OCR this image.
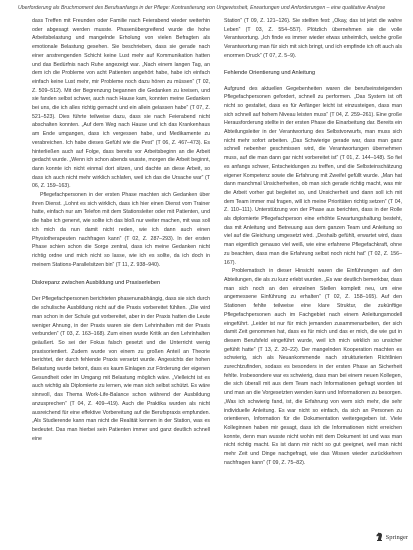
Überforderung als Bruchmoment des Berufsanfangs in der Pflege: Kontrastierung von Ungewissheit, Erwartungen und Anforderungen – eine qualitative Analyse

dass Treffen mit Freunden oder Familie nach Feierabend wieder weiterhin oder abgesagt werden musste. Phasenübergreifend wurde die hohe Arbeitsbelastung und mangelnde Erholung von vielen Befragten als emotionale Belastung gesehen. Sie beschrieben, dass sie gerade nach einer anstrengenden Schicht keine Lust mehr auf Kommunikation hatten und das Bedürfnis nach Ruhe angezeigt war. „Nach einem langen Tag, an dem ich die Probleme von acht Patienten angehört habe, habe ich einfach einfach keine Lust mehr, mir Probleme noch dazu hören zu müssen“ (T 02, Z. 509–512). Mit der Begrenzung begannen die Gedanken zu kreisen, und sie fanden selbst schwer, auch nach Hause kam, konnten meine Gedanken bei uns, die ich alles richtig gemacht und ein allein gelassen habe“ (T 07, Z. 521–523). Dies führte teilweise dazu, dass sie nach Feierabend nicht abschalten konnten. „Auf dem Weg nach Hause und ich das Krankenhaus am Ende umgangen, dass ich vergessen habe, und Medikamente zu verabreichen. Ich habe dieses Gefühl wie die Pest“ (T 06, Z. 467–473). Es hinterließen auch auf Folge, dass bereits vor Arbeitsbeginn an die Arbeit gedacht wurde. „Wenn ich schon abends wusste, morgen die Arbeit beginnt, dann konnte ich nicht einmal dort sitzen, und dachte an diese Arbeit, so dass ich auch nicht mehr wirklich schlafen, weil ich das die Ursache war“ (T 06, Z. 159–163).

Pflegefachpersonen in der ersten Phase machten sich Gedanken über ihren Dienst. „Lohnt es sich wirklich, dass ich hier einen Dienst vom Trainer hatte, einfach nur am Telefon mit dem Stationsleiter oder mit Patienten, und die habe ich genervt, wie sollte ich das bloß nur weiter machen, mit was soll ich mich da nun damit nicht reden, wie ich dann auch einen Physiotherapeuten nachfragen kann“ (T 02, Z. 287–293). In der ersten Phase schien schon die Sorge zentral, dass ich meine Gedanken nicht richtig ordne und mich nicht so lasse, wie ich es sollte, da ich doch in meinem Stations-Parallelsitzen bin“ (T 11, Z. 938–940).

Diskrepanz zwischen Ausbildung und Praxiserleben

Der Pflegefachpersonen berichteten phasenunabhängig, dass sie sich durch die schulische Ausbildung nicht auf die Praxis vorbereitet fühlten. „Die wird man schon in der Schule gut vorbereitet, aber in der Praxis hatten die Leute weniger Ahnung, in der Praxis waren sie dem Lehrinhalten mit der Praxis verbunden“ (T 03, Z. 163–168). Zum einen wurde Kritik an den Lehrinhalten geäußert. So sei der Fokus falsch gesetzt und die Unterricht wenig praxisorientiert. Zudem wurde von einem zu großen Anteil an Theorie berichtet, der durch fehlende Praxis versetzt wurde. Angesichts der hohen Belastung wurde betont, dass es kaum Einlagen zur Förderung der eigenen Gesundheit oder im Umgang mit Belastung möglich wäre. „Vielleicht ist es auch wichtig als Diplomierte zu lernen, wie man sich selbst schützt. Es wäre sinnvoll, das Thema Work-Life-Balance schon während der Ausbildung anzusprechen“ (T 04, Z. 409–419). Auch die Praktika wurden als nicht ausreichend für eine effektive Vorbereitung auf die Berufspraxis empfunden. „Als Studierende kann man nicht die Realität kennen in der Station, was es bedeutet. Das man hierbei sein Patienten immer und ganz deutlich schnell eine

Station“ (T 09, Z. 121–126). Sie stellten fest: „Okay, das ist jetzt die wahre Leben“ (T 03, Z. 554–557). Plötzlich übernehmen sie die volle Verantwortung. „Ich finde es immer wieder etwas unheimlich, welche große Verantwortung man für sich mit sich bringt, und ich empfinde ich oft auch als enormen Druck“ (T 07, Z. 5–9).

Fehlende Orientierung und Anleitung

Aufgrund des aktuellen Gegebenheiten waren die berufseinsteigenden Pflegefachpersonen gefordert, schnell zu performen. „Das System ist oft nicht so gestaltet, dass es für Anfänger leicht ist einzusteigen, dass man sich schnell auf hohem Niveau leisten muss“ (T 04, Z. 259–261). Eine große Herausforderung stellte in der ersten Phase die Einarbeitung dar. Bereits ein Abteilungsleiter in der Verantwortung des Selbstvorwurfs, man muss sich nicht mehr sofort arbeiten. „Das Schwierige gerade war, dass man ganz schnell nebenher geschmissen wird, die Verantwortungen übernehmen muss, auf die man dann gar nicht vorbereitet ist“ (T 01, Z. 144–148). So fiel es anfangs schwer, Entscheidungen zu treffen, und die Selbsteinschätzung eigener Kompetenz sowie die Erfahrung mit Zweifel gefüllt wurde. „Man hat dann manchmal Unsicherheiten, ob man sich gerade richtig macht, was mir die Arbeit vorher gut begleitet so, und Unsicherheit und dann soll ich mit dem Team immer mal fragen, will ich meine Prioritäten richtig setzen“ (T 04, Z. 110–111). Unterstützung von der Phase aus berichten, dass in der Rolle als diplomierte Pflegefachperson eine erhöhte Erwartungshaltung besteht, das mit Anleitung und Betreuung aus dem ganzen Team und Anleitung so viel auf die Gleichung umgesetzt wird. „Deshalb gefühlt, erwartet wird, dass man eigentlich genauso viel weiß, wie eine erfahrene Pflegefachkraft, ohne zu beachten, dass man die Erfahrung selbst noch nicht hat“ (T 02, Z. 156–167).

Problematisch in dieser Hinsicht waren die Einführungen auf den Abteilungen, die als zu kurz erlebt wurden. „Es war deutlich bemerkbar, dass man sich noch an den einzelnen Stellen komplett neu, um eine angemessene Einführung zu erhalten“ (T 02, Z. 158–165). Auf den Stationen fehlte teilweise eine klare Struktur, die zukünftige Pflegefachpersonen auch im Fachgebiet nach einem Anleitungsmodell eingeführt. „Leider ist nur für mich jemanden zusammenarbeiten, der sich damit Zeit genommen hat, dass es für mich und das er mich, die wie gut in diesem Berufsfeld eingeführt wurde, weil ich mich wirklich so unsicher gefühlt hatte“ (T 13, Z. 20–22). Der mangelnden Kooperation machten es schwierig, sich als Neuankommende nach strukturierten Richtlinien zurechtzufinden, sodass es besonders in der ersten Phase an Sicherheit fehlte. Insbesondere war es schwierig, dass man bei einem neuen Kollegen, die sich überall mit aus dem Team nach Informationen gefragt worden ist und man an die Vorgesetzten wenden kann und Informationen zu besorgen. „Was ich schwierig fand, ist, die Erfahrung von wem sich mehr, die sehr individuelle Anleitung. Es war nicht so einfach, da sich an Personen zu orientieren, Information für die Dokumentation weitergegeben ist. Viele Kolleginnen haben mir gesagt, dass ich die Informationen nicht erreichen konnte, denn man wusste nicht wohin mit dem Dokument ist und was man nicht richtig macht. Es ist dann mir nicht so gut geeignet, weil man nicht mehr Zeit und Dinge nachgefragt, wie das Wissen wieder zurückkehren nachfragen kann“ (T 09, Z. 75–82).

Springer
